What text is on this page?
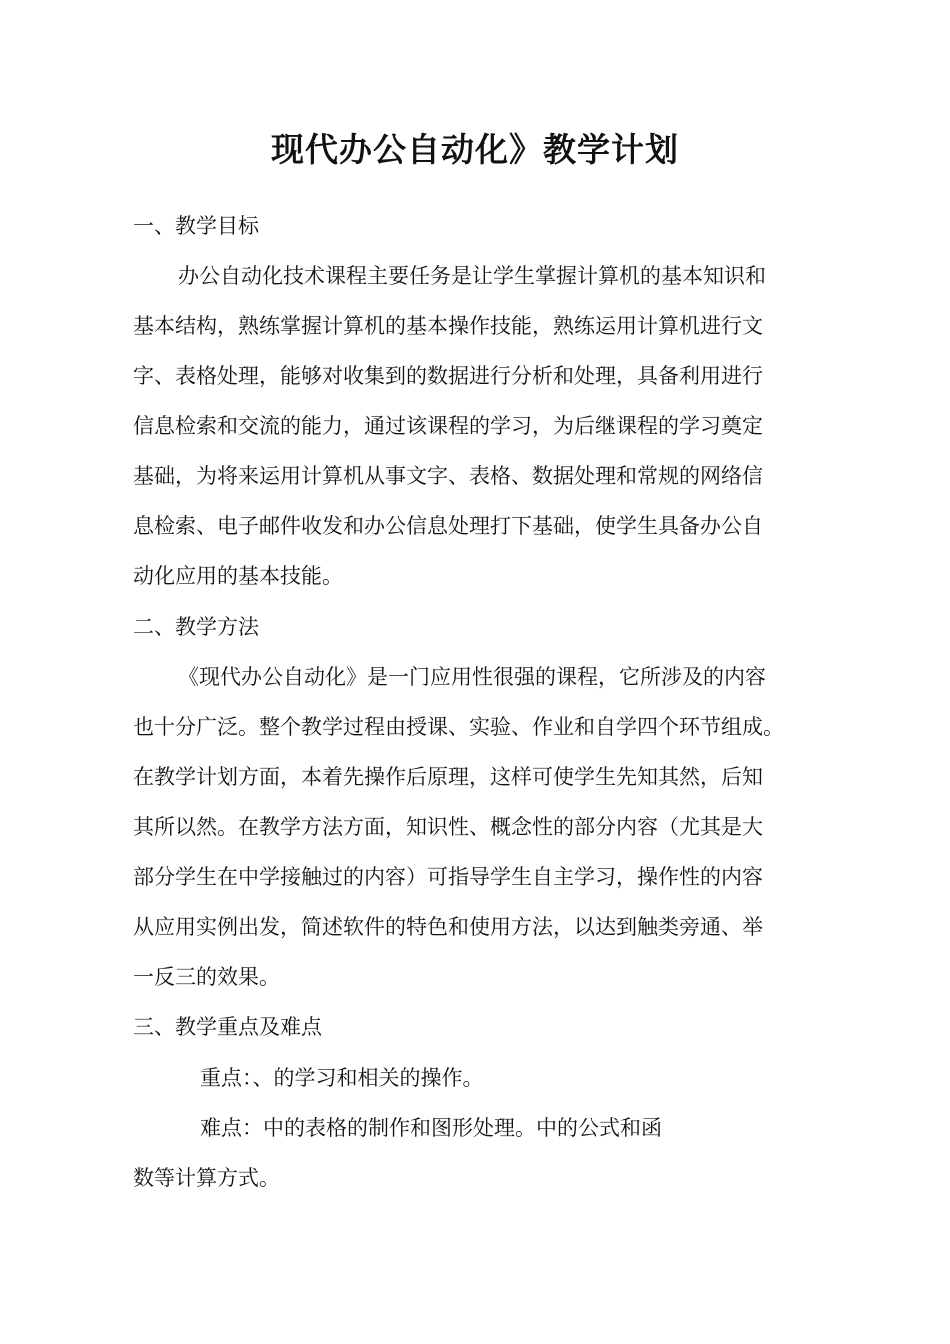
现代办公自动化》教学计划
一、教学目标

办公自动化技术课程主要任务是让学生掌握计算机的基本知识和

基本结构，熟练掌握计算机的基本操作技能，熟练运用计算机进行文

字、表格处理，能够对收集到的数据进行分析和处理，具备利用进行

信息检索和交流的能力，通过该课程的学习，为后继课程的学习奠定

基础，为将来运用计算机从事文字、表格、数据处理和常规的网络信

息检索、电子邮件收发和办公信息处理打下基础，使学生具备办公自

动化应用的基本技能。

二、教学方法

《现代办公自动化》是一门应用性很强的课程，它所涉及的内容

也十分广泛。整个教学过程由授课、实验、作业和自学四个环节组成。

在教学计划方面，本着先操作后原理，这样可使学生先知其然，后知

其所以然。在教学方法方面，知识性、概念性的部分内容（尤其是大

部分学生在中学接触过的内容）可指导学生自主学习，操作性的内容

从应用实例出发，简述软件的特色和使用方法，以达到触类旁通、举

一反三的效果。

三、教学重点及难点

重点：、的学习和相关的操作。

难点：中的表格的制作和图形处理。中的公式和函

数等计算方式。
